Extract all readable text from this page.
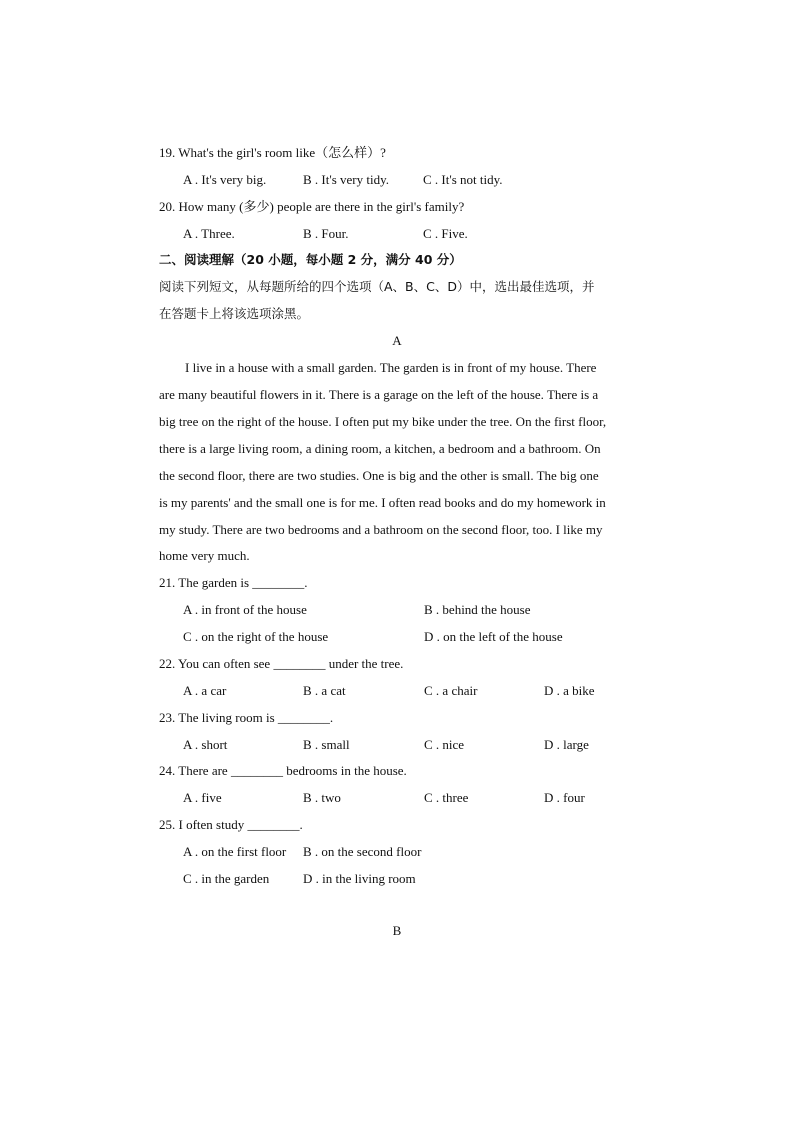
19. What's the girl's room like（怎么样）?
A . It's very big.	B . It's very tidy.	C . It's not tidy.
20. How many (多少) people are there in the girl's family?
A . Three.	B . Four.	C . Five.
二、阅读理解（20 小题，每小题 2 分，满分 40 分）
阅读下列短文，从每题所给的四个选项（A、B、C、D）中，选出最佳选项，并
在答题卡上将该选项涂黑。
A
I live in a house with a small garden. The garden is in front of my house. There
are many beautiful flowers in it. There is a garage on the left of the house. There is a
big tree on the right of the house. I often put my bike under the tree. On the first floor,
there is a large living room, a dining room, a kitchen, a bedroom and a bathroom. On
the second floor, there are two studies. One is big and the other is small. The big one
is my parents' and the small one is for me. I often read books and do my homework in
my study. There are two bedrooms and a bathroom on the second floor, too. I like my
home very much.
21. The garden is ________.
A . in front of the house	B . behind the house
C . on the right of the house	D . on the left of the house
22. You can often see ________ under the tree.
A . a car	B . a cat	C . a chair	D . a bike
23. The living room is ________.
A . short	B . small	C . nice	D . large
24. There are ________ bedrooms in the house.
A . five	B . two	C . three	D . four
25. I often study ________.
A . on the first floor B . on the second floor
C . in the garden	D . in the living room
B
